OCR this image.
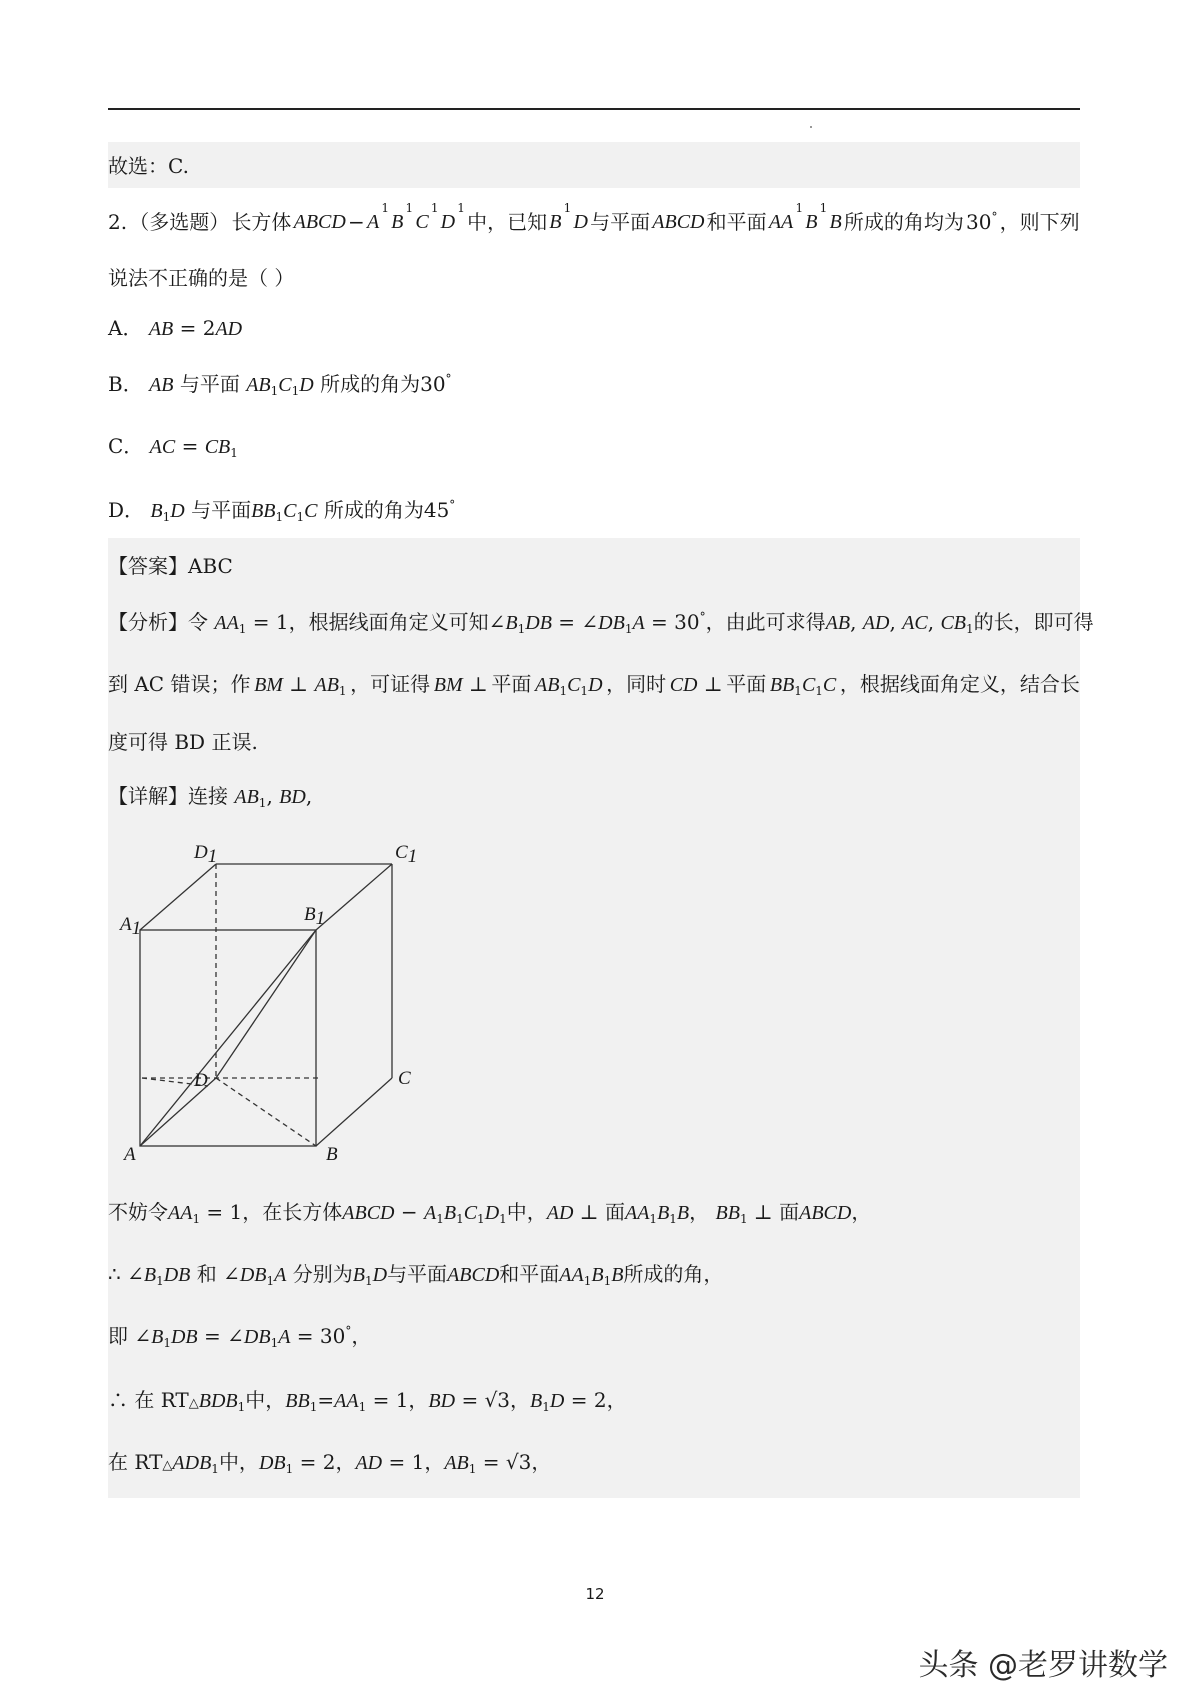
故选：C.
2. （多选题） 长方体 ABCD − A
1
B
1
C
1
D
1
中，已知 B
1
D 与平面 ABCD 和平面 AA
1
B
1
B 所成的角均为 30° ，则下列
说法不正确的是（ ）
A． AB = 2AD
B． AB 与平面 $AB_1C_1D$ 所成的角为30°
C． AC = $CB_1$
D． $B_1D$ 与平面$BB_1C_1C$ 所成的角为45°
【答案】ABC
【分析】令 $AA_1 = 1$ ，根据线面角定义可知 $\angle B_1DB$ = $\angle DB_1A = 30^\circ$ ，由此可求得 AB, AD, AC, $CB_1$ 的长，即可得
到 AC 错误；作 BM ⊥ $AB_1$ ，可证得 BM ⊥ 平面 $AB_1C_1D$ ，同时 CD ⊥ 平面 $BB_1C_1C$ ，根据线面角定义，结合长
度可得 BD 正误.
【详解】连接 $AB_1$, BD,
D1	C1
A1
B1
D	C
A	B
不妨令$AA_1 = 1$，在长方体ABCD − $A_1B_1C_1D_1$中，AD ⊥ 面$AA_1B_1B$， $BB_1$ ⊥ 面ABCD，
∴ $\angle B_1DB$ 和 $\angle DB_1A$ 分别为$B_1D$与平面ABCD和平面$AA_1B_1B$所成的角，
即 $\angle B_1DB$ = $\angle DB_1A = 30^\circ$，
∴ 在 $RT\triangle BDB_1$中，$BB_1=AA_1 = 1$，BD = √3，$B_1D = 2$，
在 $RT\triangle ADB_1$中，$DB_1 = 2$，AD = 1，$AB_1 = √3$，
12
头条 @老罗讲数学
